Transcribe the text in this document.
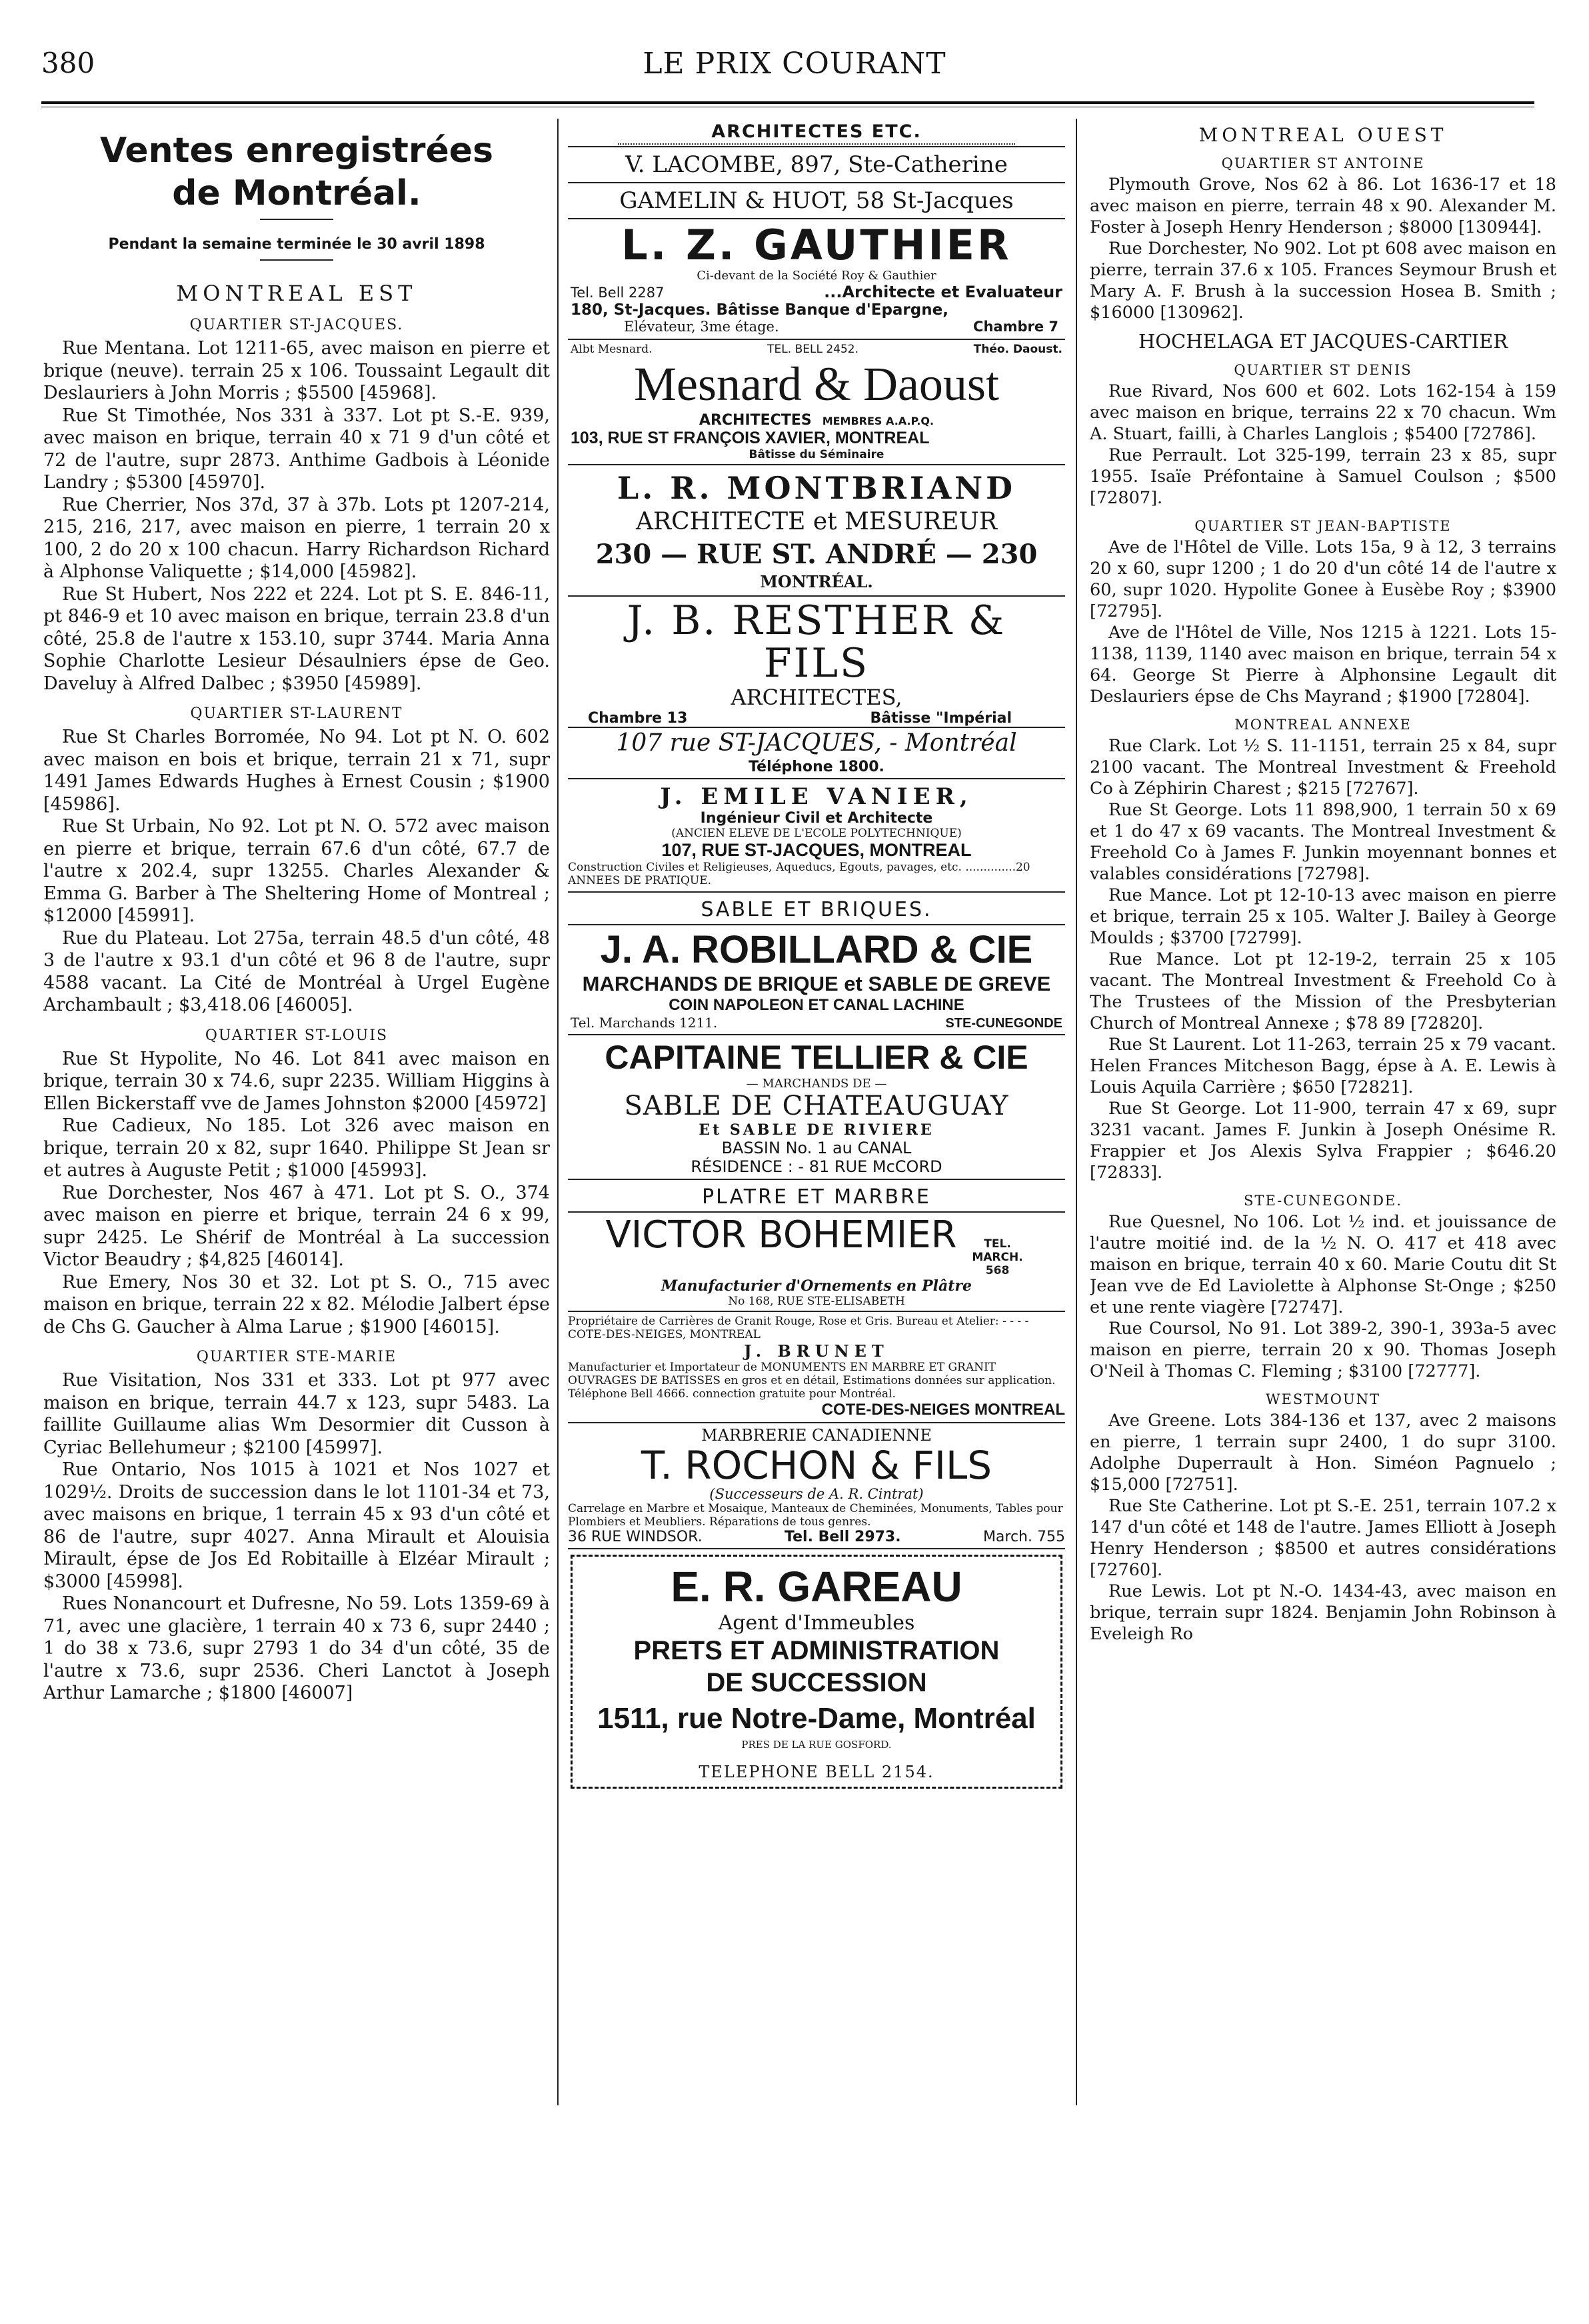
380	LE PRIX COURANT
Ventes enregistrées
de Montréal.
Pendant la semaine terminée le 30 avril 1898
MONTREAL EST
QUARTIER ST-JACQUES.

Rue Mentana. Lot 1211-65, avec maison en pierre et brique (neuve). terrain 25 x 106. Toussaint Legault dit Deslauriers à John Morris ; $5500 [45968].

Rue St Timothée, Nos 331 à 337. Lot pt S.-E. 939, avec maison en brique, terrain 40 x 71 9 d'un côté et 72 de l'autre, supr 2873. Anthime Gadbois à Léonide Landry ; $5300 [45970].

Rue Cherrier, Nos 37d, 37 à 37b. Lots pt 1207-214, 215, 216, 217, avec maison en pierre, 1 terrain 20 x 100, 2 do 20 x 100 chacun. Harry Richardson Richard à Alphonse Valiquette ; $14,000 [45982].

Rue St Hubert, Nos 222 et 224. Lot pt S. E. 846-11, pt 846-9 et 10 avec maison en brique, terrain 23.8 d'un côté, 25.8 de l'autre x 153.10, supr 3744. Maria Anna Sophie Charlotte Lesieur Désaulniers épse de Geo. Daveluy à Alfred Dalbec ; $3950 [45989].

QUARTIER ST-LAURENT

Rue St Charles Borromée, No 94. Lot pt N. O. 602 avec maison en bois et brique, terrain 21 x 71, supr 1491 James Edwards Hughes à Ernest Cousin ; $1900 [45986].

Rue St Urbain, No 92. Lot pt N. O. 572 avec maison en pierre et brique, terrain 67.6 d'un côté, 67.7 de l'autre x 202.4, supr 13255. Charles Alexander & Emma G. Barber à The Sheltering Home of Montreal ; $12000 [45991].

Rue du Plateau. Lot 275a, terrain 48.5 d'un côté, 48 3 de l'autre x 93.1 d'un côté et 96 8 de l'autre, supr 4588 vacant. La Cité de Montréal à Urgel Eugène Archambault ; $3,418.06 [46005].

QUARTIER ST-LOUIS

Rue St Hypolite, No 46. Lot 841 avec maison en brique, terrain 30 x 74.6, supr 2235. William Higgins à Ellen Bickerstaff vve de James Johnston $2000 [45972]

Rue Cadieux, No 185. Lot 326 avec maison en brique, terrain 20 x 82, supr 1640. Philippe St Jean sr et autres à Auguste Petit ; $1000 [45993].

Rue Dorchester, Nos 467 à 471. Lot pt S. O., 374 avec maison en pierre et brique, terrain 24 6 x 99, supr 2425. Le Shérif de Montréal à La succession Victor Beaudry ; $4,825 [46014].

Rue Emery, Nos 30 et 32. Lot pt S. O., 715 avec maison en brique, terrain 22 x 82. Mélodie Jalbert épse de Chs G. Gaucher à Alma Larue ; $1900 [46015].

QUARTIER STE-MARIE

Rue Visitation, Nos 331 et 333. Lot pt 977 avec maison en brique, terrain 44.7 x 123, supr 5483. La faillite Guillaume alias Wm Desormier dit Cusson à Cyriac Bellehumeur ; $2100 [45997].

Rue Ontario, Nos 1015 à 1021 et Nos 1027 et 1029½. Droits de succession dans le lot 1101-34 et 73, avec maisons en brique, 1 terrain 45 x 93 d'un côté et 86 de l'autre, supr 4027. Anna Mirault et Alouisia Mirault, épse de Jos Ed Robitaille à Elzéar Mirault ; $3000 [45998].

Rues Nonancourt et Dufresne, No 59. Lots 1359-69 à 71, avec une glacière, 1 terrain 40 x 73 6, supr 2440 ; 1 do 38 x 73.6, supr 2793 1 do 34 d'un côté, 35 de l'autre x 73.6, supr 2536. Cheri Lanctot à Joseph Arthur Lamarche ; $1800 [46007]

ARCHITECTES ETC.
V. LACOMBE, 897, Ste-Catherine
GAMELIN & HUOT, 58 St-Jacques
L. Z. GAUTHIER
Ci-devant de la Société Roy & Gauthier
Tel. Bell 2287	...Architecte et Evaluateur
180, St-Jacques. Bâtisse Banque d'Epargne,
Elévateur, 3me étage.	Chambre 7
Albt Mesnard.	TEL. BELL 2452.	Théo. Daoust.
Mesnard & Daoust
ARCHITECTES MEMBRES A.A.P.Q.
103, RUE ST FRANÇOIS XAVIER, MONTREAL
Bâtisse du Séminaire
L. R. MONTBRIAND
ARCHITECTE et MESUREUR
230 — RUE ST. ANDRÉ — 230
MONTRÉAL.
J. B. RESTHER & FILS
ARCHITECTES,
Chambre 13	Bâtisse "Impérial
107 rue ST-JACQUES, - Montréal
Téléphone 1800.
J. EMILE VANIER,
Ingénieur Civil et Architecte
(ANCIEN ELEVE DE L'ECOLE POLYTECHNIQUE)
107, RUE ST-JACQUES, MONTREAL
Construction Civiles et Religieuses, Aqueducs, Egouts, pavages, etc. ..............20 ANNEES DE PRATIQUE.
SABLE ET BRIQUES.
J. A. ROBILLARD & CIE
MARCHANDS DE BRIQUE et SABLE DE GREVE
COIN NAPOLEON ET CANAL LACHINE
Tel. Marchands 1211.	STE-CUNEGONDE
CAPITAINE TELLIER & CIE
— MARCHANDS DE —
SABLE DE CHATEAUGUAY
Et SABLE DE RIVIERE
BASSIN No. 1 au CANAL
RÉSIDENCE : - 81 RUE McCORD
PLATRE ET MARBRE
VICTOR BOHEMIER	TEL. MARCH. 568
Manufacturier d'Ornements en Plâtre
No 168, RUE STE-ELISABETH
Propriétaire de Carrières de Granit Rouge, Rose et Gris. Bureau et Atelier: - - - - COTE-DES-NEIGES, MONTREAL
J. BRUNET
Manufacturier et Importateur de MONUMENTS EN MARBRE ET GRANIT OUVRAGES DE BATISSES en gros et en détail, Estimations données sur application. Téléphone Bell 4666. connection gratuite pour Montréal.
COTE-DES-NEIGES MONTREAL
MARBRERIE CANADIENNE
T. ROCHON & FILS
(Successeurs de A. R. Cintrat)
Carrelage en Marbre et Mosaique, Manteaux de Cheminées, Monuments, Tables pour Plombiers et Meubliers. Réparations de tous genres.
36 RUE WINDSOR.	Tel. Bell 2973.	March. 755
E. R. GAREAU
Agent d'Immeubles
PRETS ET ADMINISTRATION
DE SUCCESSION
1511, rue Notre-Dame, Montréal
PRES DE LA RUE GOSFORD.
TELEPHONE BELL 2154.
MONTREAL OUEST
QUARTIER ST ANTOINE

Plymouth Grove, Nos 62 à 86. Lot 1636-17 et 18 avec maison en pierre, terrain 48 x 90. Alexander M. Foster à Joseph Henry Henderson ; $8000 [130944].

Rue Dorchester, No 902. Lot pt 608 avec maison en pierre, terrain 37.6 x 105. Frances Seymour Brush et Mary A. F. Brush à la succession Hosea B. Smith ; $16000 [130962].

HOCHELAGA ET JACQUES-CARTIER
QUARTIER ST DENIS

Rue Rivard, Nos 600 et 602. Lots 162-154 à 159 avec maison en brique, terrains 22 x 70 chacun. Wm A. Stuart, failli, à Charles Langlois ; $5400 [72786].

Rue Perrault. Lot 325-199, terrain 23 x 85, supr 1955. Isaïe Préfontaine à Samuel Coulson ; $500 [72807].

QUARTIER ST JEAN-BAPTISTE

Ave de l'Hôtel de Ville. Lots 15a, 9 à 12, 3 terrains 20 x 60, supr 1200 ; 1 do 20 d'un côté 14 de l'autre x 60, supr 1020. Hypolite Gonee à Eusèbe Roy ; $3900 [72795].

Ave de l'Hôtel de Ville, Nos 1215 à 1221. Lots 15-1138, 1139, 1140 avec maison en brique, terrain 54 x 64. George St Pierre à Alphonsine Legault dit Deslauriers épse de Chs Mayrand ; $1900 [72804].

MONTREAL ANNEXE

Rue Clark. Lot ½ S. 11-1151, terrain 25 x 84, supr 2100 vacant. The Montreal Investment & Freehold Co à Zéphirin Charest ; $215 [72767].

Rue St George. Lots 11 898,900, 1 terrain 50 x 69 et 1 do 47 x 69 vacants. The Montreal Investment & Freehold Co à James F. Junkin moyennant bonnes et valables considérations [72798].

Rue Mance. Lot pt 12-10-13 avec maison en pierre et brique, terrain 25 x 105. Walter J. Bailey à George Moulds ; $3700 [72799].

Rue Mance. Lot pt 12-19-2, terrain 25 x 105 vacant. The Montreal Investment & Freehold Co à The Trustees of the Mission of the Presbyterian Church of Montreal Annexe ; $78 89 [72820].

Rue St Laurent. Lot 11-263, terrain 25 x 79 vacant. Helen Frances Mitcheson Bagg, épse à A. E. Lewis à Louis Aquila Carrière ; $650 [72821].

Rue St George. Lot 11-900, terrain 47 x 69, supr 3231 vacant. James F. Junkin à Joseph Onésime R. Frappier et Jos Alexis Sylva Frappier ; $646.20 [72833].

STE-CUNEGONDE.

Rue Quesnel, No 106. Lot ½ ind. et jouissance de l'autre moitié ind. de la ½ N. O. 417 et 418 avec maison en brique, terrain 40 x 60. Marie Coutu dit St Jean vve de Ed Laviolette à Alphonse St-Onge ; $250 et une rente viagère [72747].

Rue Coursol, No 91. Lot 389-2, 390-1, 393a-5 avec maison en pierre, terrain 20 x 90. Thomas Joseph O'Neil à Thomas C. Fleming ; $3100 [72777].

WESTMOUNT

Ave Greene. Lots 384-136 et 137, avec 2 maisons en pierre, 1 terrain supr 2400, 1 do supr 3100. Adolphe Duperrault à Hon. Siméon Pagnuelo ; $15,000 [72751].

Rue Ste Catherine. Lot pt S.-E. 251, terrain 107.2 x 147 d'un côté et 148 de l'autre. James Elliott à Joseph Henry Henderson ; $8500 et autres considérations [72760].

Rue Lewis. Lot pt N.-O. 1434-43, avec maison en brique, terrain supr 1824. Benjamin John Robinson à Eveleigh Ro
